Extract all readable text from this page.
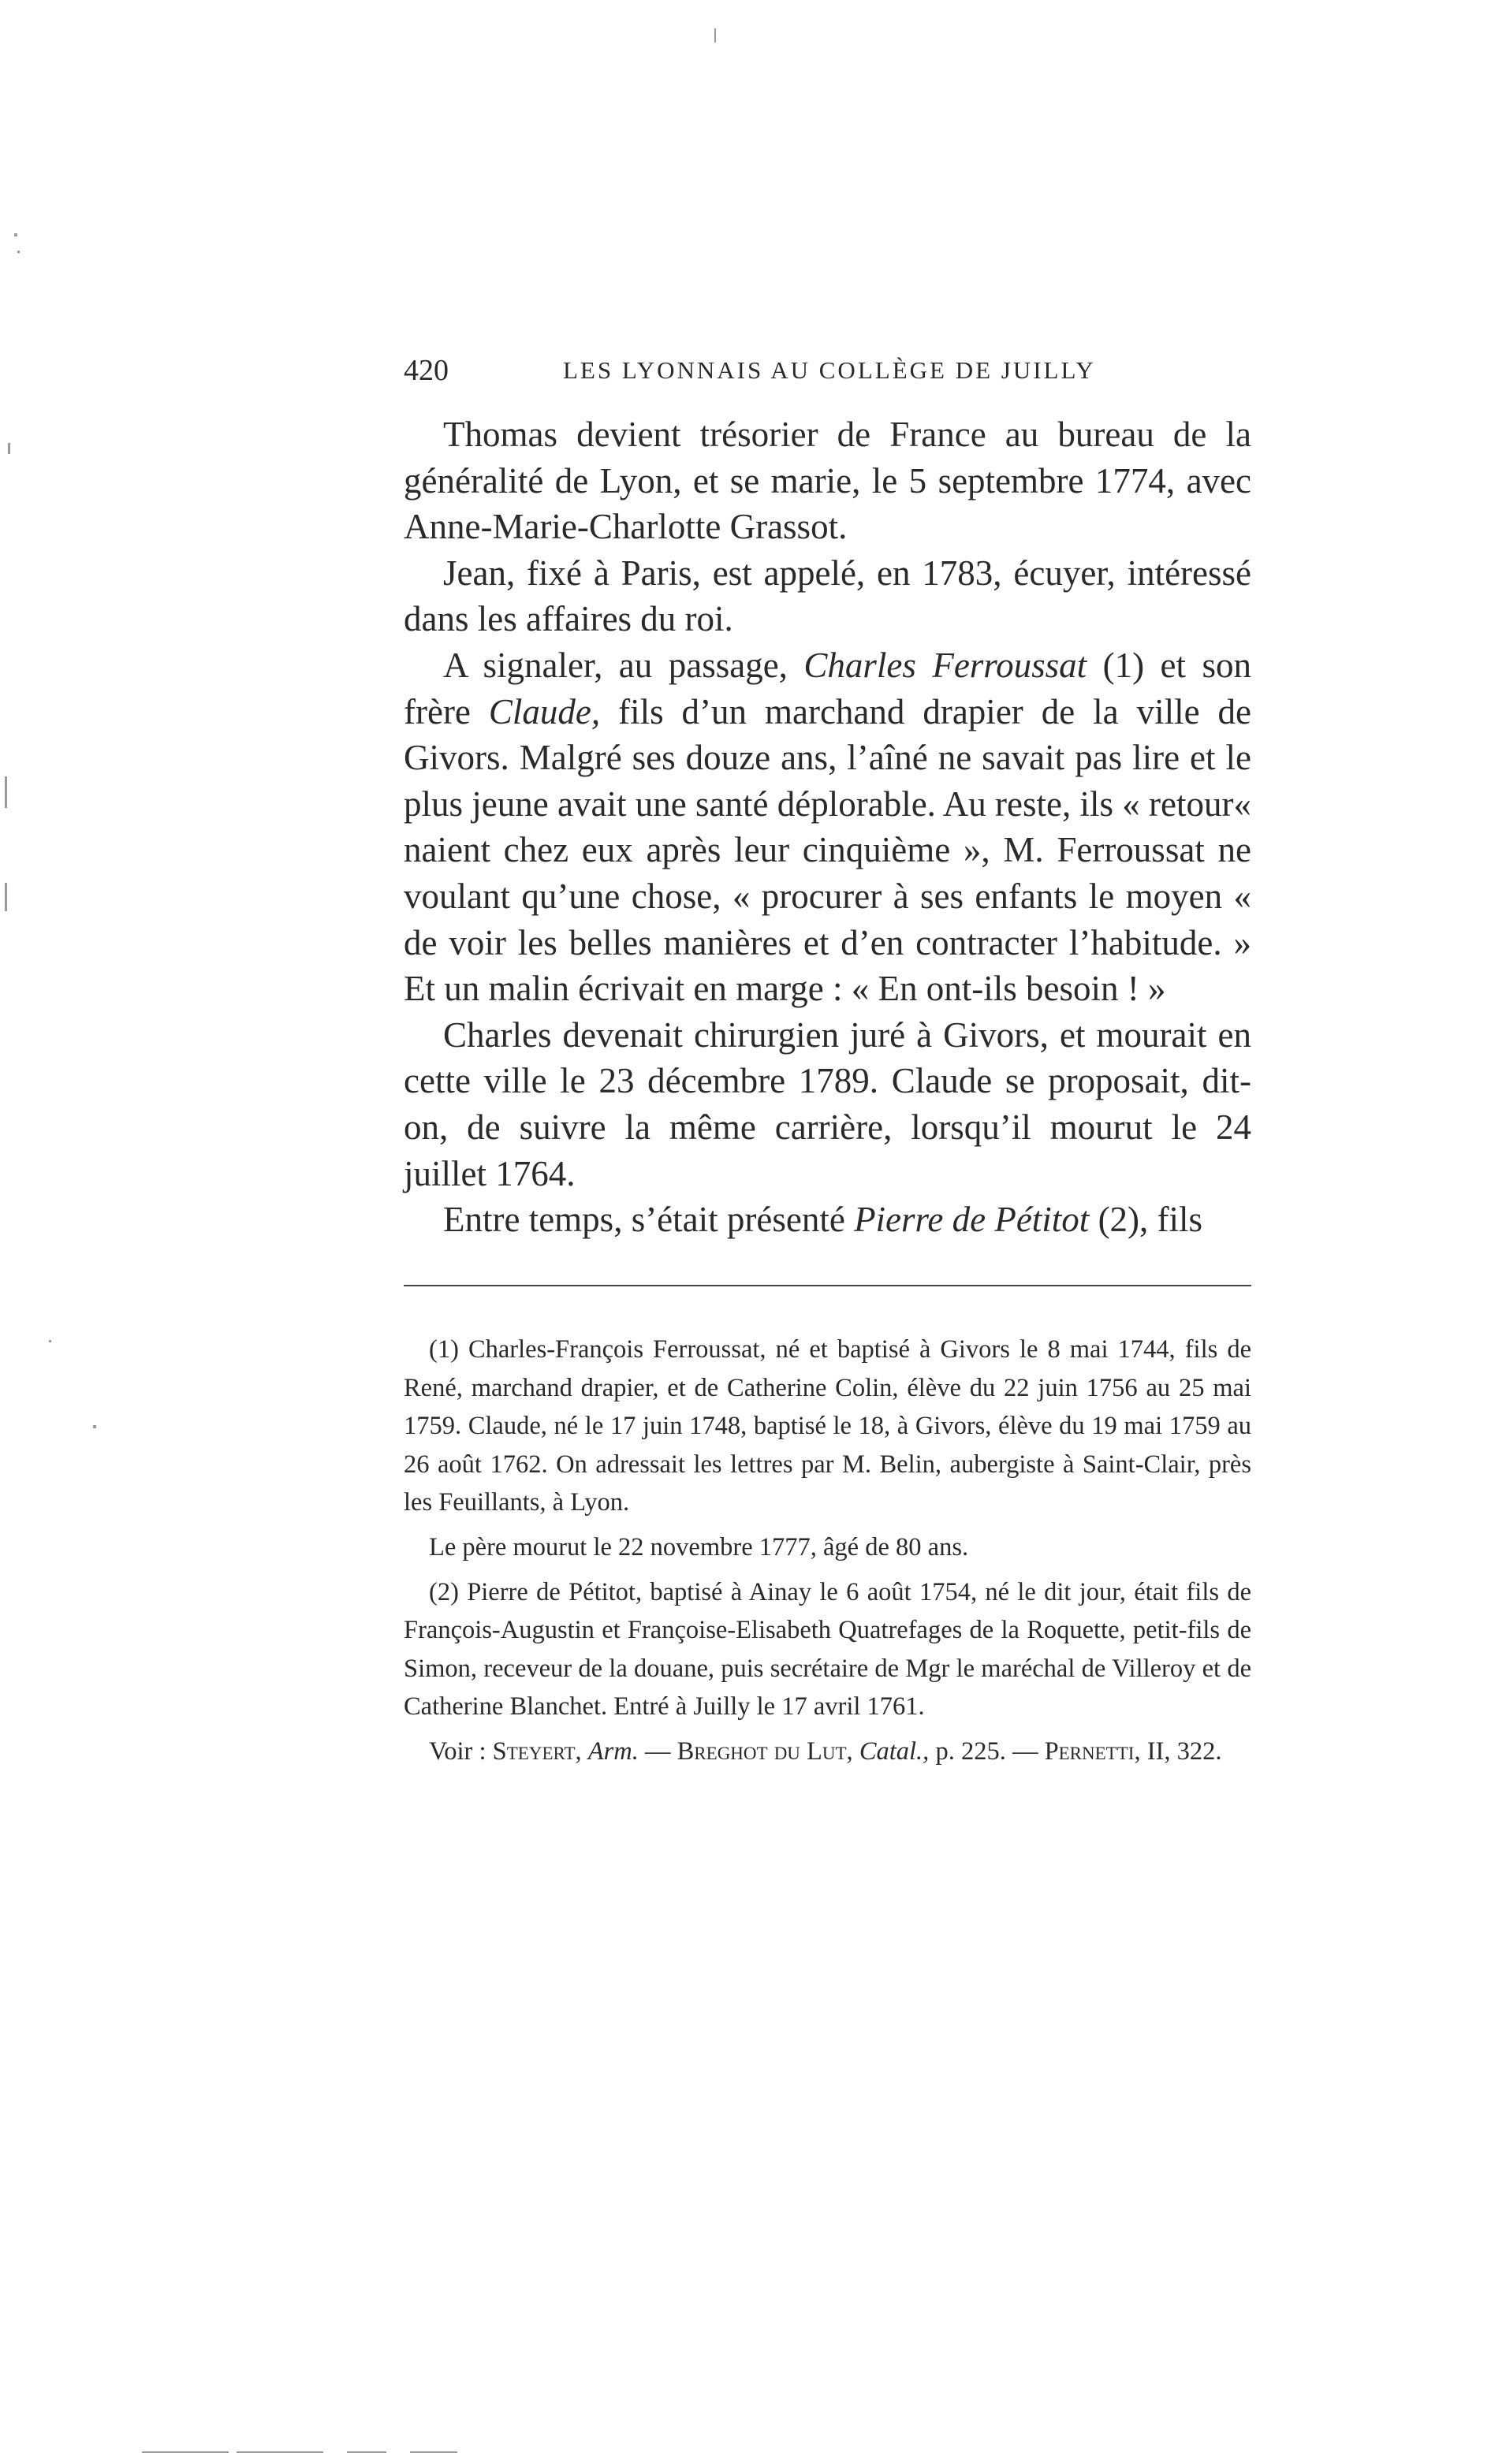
420	LES LYONNAIS AU COLLÈGE DE JUILLY

Thomas devient trésorier de France au bureau de la généralité de Lyon, et se marie, le 5 septembre 1774, avec Anne-Marie-Charlotte Grassot.

Jean, fixé à Paris, est appelé, en 1783, écuyer, intéressé dans les affaires du roi.

A signaler, au passage, Charles Ferroussat (1) et son frère Claude, fils d’un marchand drapier de la ville de Givors. Malgré ses douze ans, l’aîné ne savait pas lire et le plus jeune avait une santé déplorable. Au reste, ils « retour« naient chez eux après leur cinquième », M. Ferroussat ne voulant qu’une chose, « procurer à ses enfants le moyen « de voir les belles manières et d’en contracter l’habitude. » Et un malin écrivait en marge : « En ont-ils besoin ! »

Charles devenait chirurgien juré à Givors, et mourait en cette ville le 23 décembre 1789. Claude se proposait, dit-on, de suivre la même carrière, lorsqu’il mourut le 24 juillet 1764.

Entre temps, s’était présenté Pierre de Pétitot (2), fils

(1) Charles-François Ferroussat, né et baptisé à Givors le 8 mai 1744, fils de René, marchand drapier, et de Catherine Colin, élève du 22 juin 1756 au 25 mai 1759. Claude, né le 17 juin 1748, baptisé le 18, à Givors, élève du 19 mai 1759 au 26 août 1762. On adressait les lettres par M. Belin, aubergiste à Saint-Clair, près les Feuillants, à Lyon.

Le père mourut le 22 novembre 1777, âgé de 80 ans.

(2) Pierre de Pétitot, baptisé à Ainay le 6 août 1754, né le dit jour, était fils de François-Augustin et Françoise-Elisabeth Quatrefages de la Roquette, petit-fils de Simon, receveur de la douane, puis secrétaire de Mgr le maréchal de Villeroy et de Catherine Blanchet. Entré à Juilly le 17 avril 1761.

Voir : Steyert, Arm. — Breghot du Lut, Catal., p. 225. — Pernetti, II, 322.
